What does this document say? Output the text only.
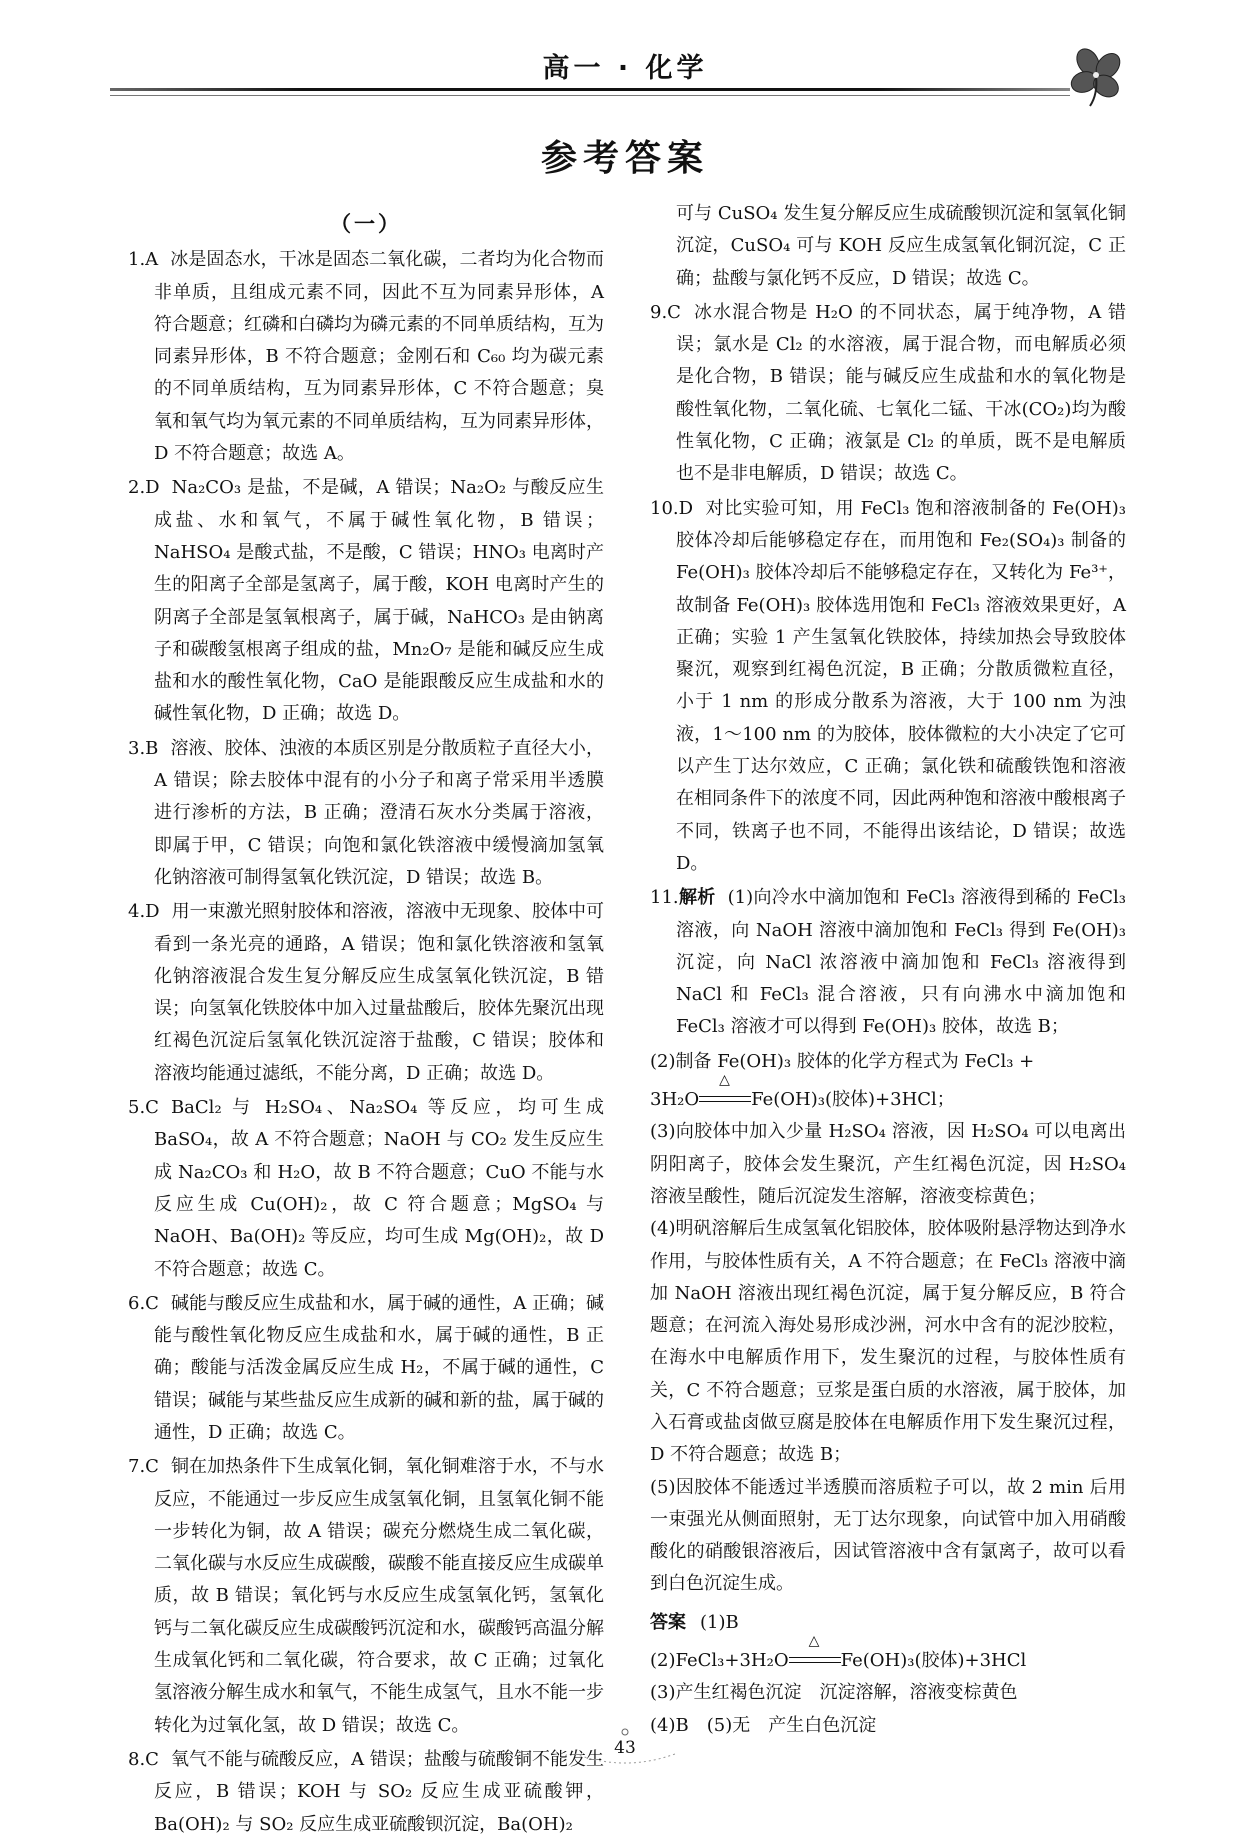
高一 · 化学
参考答案
（一）
1.A 冰是固态水，干冰是固态二氧化碳，二者均为化合物而非单质，且组成元素不同，因此不互为同素异形体，A 符合题意；红磷和白磷均为磷元素的不同单质结构，互为同素异形体，B 不符合题意；金刚石和 C₆₀ 均为碳元素的不同单质结构，互为同素异形体，C 不符合题意；臭氧和氧气均为氧元素的不同单质结构，互为同素异形体，D 不符合题意；故选 A。
2.D Na₂CO₃ 是盐，不是碱，A 错误；Na₂O₂ 与酸反应生成盐、水和氧气，不属于碱性氧化物，B 错误；NaHSO₄ 是酸式盐，不是酸，C 错误；HNO₃ 电离时产生的阳离子全部是氢离子，属于酸，KOH 电离时产生的阴离子全部是氢氧根离子，属于碱，NaHCO₃ 是由钠离子和碳酸氢根离子组成的盐，Mn₂O₇ 是能和碱反应生成盐和水的酸性氧化物，CaO 是能跟酸反应生成盐和水的碱性氧化物，D 正确；故选 D。
3.B 溶液、胶体、浊液的本质区别是分散质粒子直径大小，A 错误；除去胶体中混有的小分子和离子常采用半透膜进行渗析的方法，B 正确；澄清石灰水分类属于溶液，即属于甲，C 错误；向饱和氯化铁溶液中缓慢滴加氢氧化钠溶液可制得氢氧化铁沉淀，D 错误；故选 B。
4.D 用一束激光照射胶体和溶液，溶液中无现象、胶体中可看到一条光亮的通路，A 错误；饱和氯化铁溶液和氢氧化钠溶液混合发生复分解反应生成氢氧化铁沉淀，B 错误；向氢氧化铁胶体中加入过量盐酸后，胶体先聚沉出现红褐色沉淀后氢氧化铁沉淀溶于盐酸，C 错误；胶体和溶液均能通过滤纸，不能分离，D 正确；故选 D。
5.C BaCl₂ 与 H₂SO₄、Na₂SO₄ 等反应，均可生成 BaSO₄，故 A 不符合题意；NaOH 与 CO₂ 发生反应生成 Na₂CO₃ 和 H₂O，故 B 不符合题意；CuO 不能与水反应生成 Cu(OH)₂，故 C 符合题意；MgSO₄ 与 NaOH、Ba(OH)₂ 等反应，均可生成 Mg(OH)₂，故 D 不符合题意；故选 C。
6.C 碱能与酸反应生成盐和水，属于碱的通性，A 正确；碱能与酸性氧化物反应生成盐和水，属于碱的通性，B 正确；酸能与活泼金属反应生成 H₂，不属于碱的通性，C 错误；碱能与某些盐反应生成新的碱和新的盐，属于碱的通性，D 正确；故选 C。
7.C 铜在加热条件下生成氧化铜，氧化铜难溶于水，不与水反应，不能通过一步反应生成氢氧化铜，且氢氧化铜不能一步转化为铜，故 A 错误；碳充分燃烧生成二氧化碳，二氧化碳与水反应生成碳酸，碳酸不能直接反应生成碳单质，故 B 错误；氧化钙与水反应生成氢氧化钙，氢氧化钙与二氧化碳反应生成碳酸钙沉淀和水，碳酸钙高温分解生成氧化钙和二氧化碳，符合要求，故 C 正确；过氧化氢溶液分解生成水和氧气，不能生成氢气，且水不能一步转化为过氧化氢，故 D 错误；故选 C。
8.C 氧气不能与硫酸反应，A 错误；盐酸与硫酸铜不能发生反应，B 错误；KOH 与 SO₂ 反应生成亚硫酸钾，Ba(OH)₂ 与 SO₂ 反应生成亚硫酸钡沉淀，Ba(OH)₂
可与 CuSO₄ 发生复分解反应生成硫酸钡沉淀和氢氧化铜沉淀，CuSO₄ 可与 KOH 反应生成氢氧化铜沉淀，C 正确；盐酸与氯化钙不反应，D 错误；故选 C。
9.C 冰水混合物是 H₂O 的不同状态，属于纯净物，A 错误；氯水是 Cl₂ 的水溶液，属于混合物，而电解质必须是化合物，B 错误；能与碱反应生成盐和水的氧化物是酸性氧化物，二氧化硫、七氧化二锰、干冰(CO₂)均为酸性氧化物，C 正确；液氯是 Cl₂ 的单质，既不是电解质也不是非电解质，D 错误；故选 C。
10.D 对比实验可知，用 FeCl₃ 饱和溶液制备的 Fe(OH)₃ 胶体冷却后能够稳定存在，而用饱和 Fe₂(SO₄)₃ 制备的 Fe(OH)₃ 胶体冷却后不能够稳定存在，又转化为 Fe³⁺，故制备 Fe(OH)₃ 胶体选用饱和 FeCl₃ 溶液效果更好，A 正确；实验 1 产生氢氧化铁胶体，持续加热会导致胶体聚沉，观察到红褐色沉淀，B 正确；分散质微粒直径，小于 1 nm 的形成分散系为溶液，大于 100 nm 为浊液，1～100 nm 的为胶体，胶体微粒的大小决定了它可以产生丁达尔效应，C 正确；氯化铁和硫酸铁饱和溶液在相同条件下的浓度不同，因此两种饱和溶液中酸根离子不同，铁离子也不同，不能得出该结论，D 错误；故选 D。
11.解析 (1)向冷水中滴加饱和 FeCl₃ 溶液得到稀的 FeCl₃ 溶液，向 NaOH 溶液中滴加饱和 FeCl₃ 得到 Fe(OH)₃ 沉淀，向 NaCl 浓溶液中滴加饱和 FeCl₃ 溶液得到 NaCl 和 FeCl₃ 混合溶液，只有向沸水中滴加饱和 FeCl₃ 溶液才可以得到 Fe(OH)₃ 胶体，故选 B；

(2)制备 Fe(OH)₃ 胶体的化学方程式为 FeCl₃ +

3H₂O
△
Fe(OH)₃(胶体)+3HCl；

(3)向胶体中加入少量 H₂SO₄ 溶液，因 H₂SO₄ 可以电离出阴阳离子，胶体会发生聚沉，产生红褐色沉淀，因 H₂SO₄ 溶液呈酸性，随后沉淀发生溶解，溶液变棕黄色；

(4)明矾溶解后生成氢氧化铝胶体，胶体吸附悬浮物达到净水作用，与胶体性质有关，A 不符合题意；在 FeCl₃ 溶液中滴加 NaOH 溶液出现红褐色沉淀，属于复分解反应，B 符合题意；在河流入海处易形成沙洲，河水中含有的泥沙胶粒，在海水中电解质作用下，发生聚沉的过程，与胶体性质有关，C 不符合题意；豆浆是蛋白质的水溶液，属于胶体，加入石膏或盐卤做豆腐是胶体在电解质作用下发生聚沉过程，D 不符合题意；故选 B；

(5)因胶体不能透过半透膜而溶质粒子可以，故 2 min 后用一束强光从侧面照射，无丁达尔现象，向试管中加入用硝酸酸化的硝酸银溶液后，因试管溶液中含有氯离子，故可以看到白色沉淀生成。

答案 (1)B

(2)FeCl₃+3H₂O
△
Fe(OH)₃(胶体)+3HCl

(3)产生红褐色沉淀　沉淀溶解，溶液变棕黄色

(4)B　(5)无　产生白色沉淀

43
